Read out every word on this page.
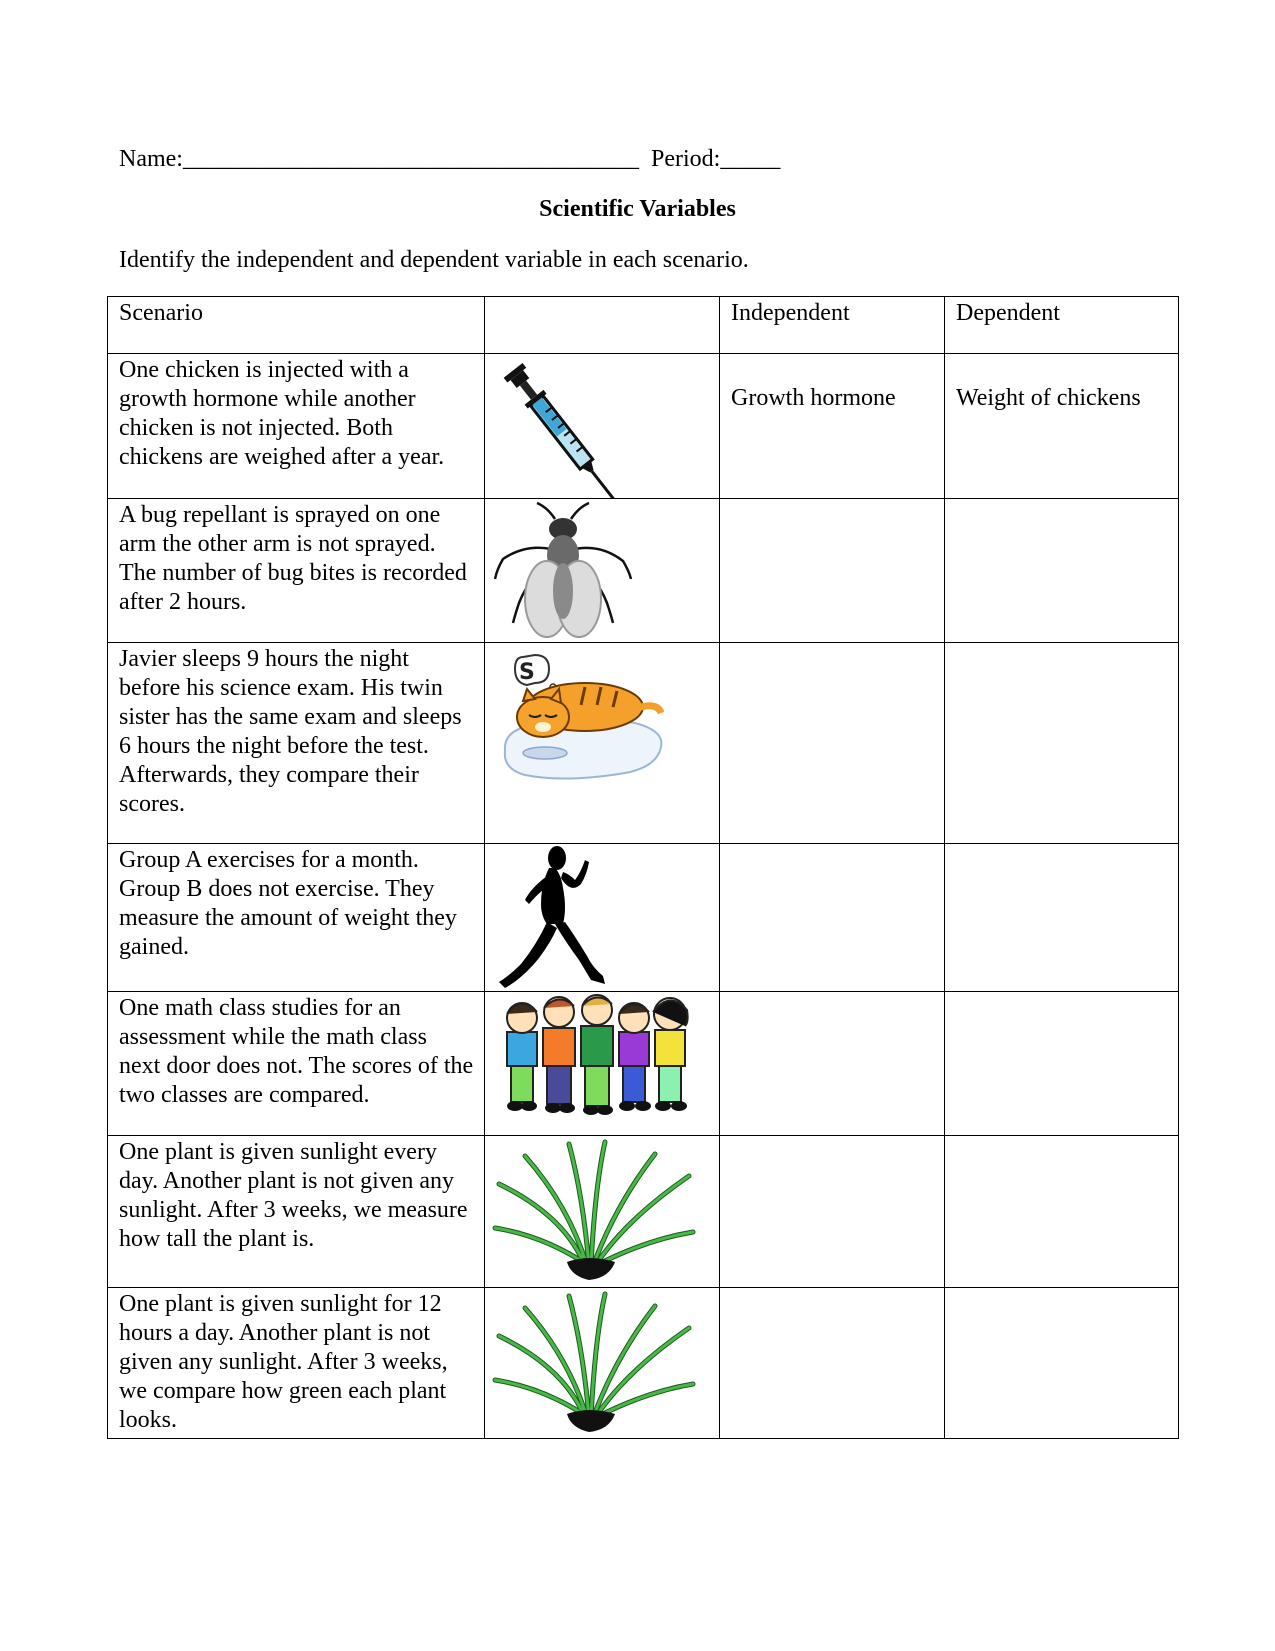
Name:______________________________________ Period:_____
Scientific Variables
Identify the independent and dependent variable in each scenario.
Scenario		Independent	Dependent

One chicken is injected with a growth hormone while another chicken is not injected. Both chickens are weighed after a year.		Growth hormone	Weight of chickens

A bug repellant is sprayed on one arm the other arm is not sprayed. The number of bug bites is recorded after 2 hours.

Javier sleeps 9 hours the night before his science exam. His twin sister has the same exam and sleeps 6 hours the night before the test. Afterwards, they compare their scores.	S		

Group A exercises for a month. Group B does not exercise. They measure the amount of weight they gained.

One math class studies for an assessment while the math class next door does not. The scores of the two classes are compared.

One plant is given sunlight every day. Another plant is not given any sunlight. After 3 weeks, we measure how tall the plant is.

One plant is given sunlight for 12 hours a day. Another plant is not given any sunlight. After 3 weeks, we compare how green each plant looks.
